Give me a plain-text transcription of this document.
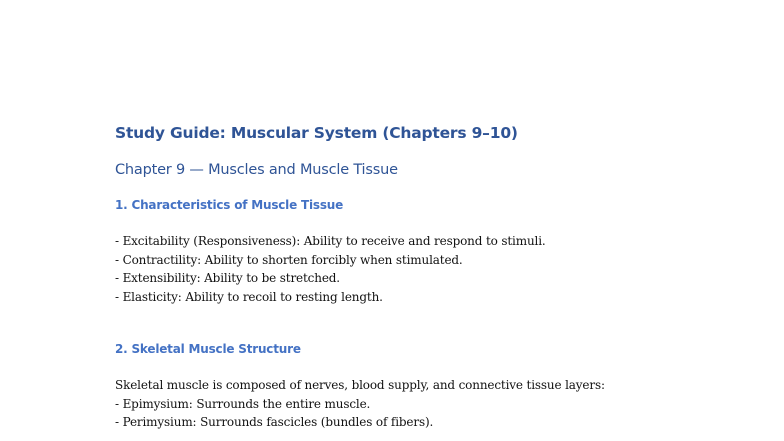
Study Guide: Muscular System (Chapters 9–10)
Chapter 9 — Muscles and Muscle Tissue
1. Characteristics of Muscle Tissue
- Excitability (Responsiveness): Ability to receive and respond to stimuli.
- Contractility: Ability to shorten forcibly when stimulated.
- Extensibility: Ability to be stretched.
- Elasticity: Ability to recoil to resting length.
2. Skeletal Muscle Structure
Skeletal muscle is composed of nerves, blood supply, and connective tissue layers:
- Epimysium: Surrounds the entire muscle.
- Perimysium: Surrounds fascicles (bundles of fibers).
